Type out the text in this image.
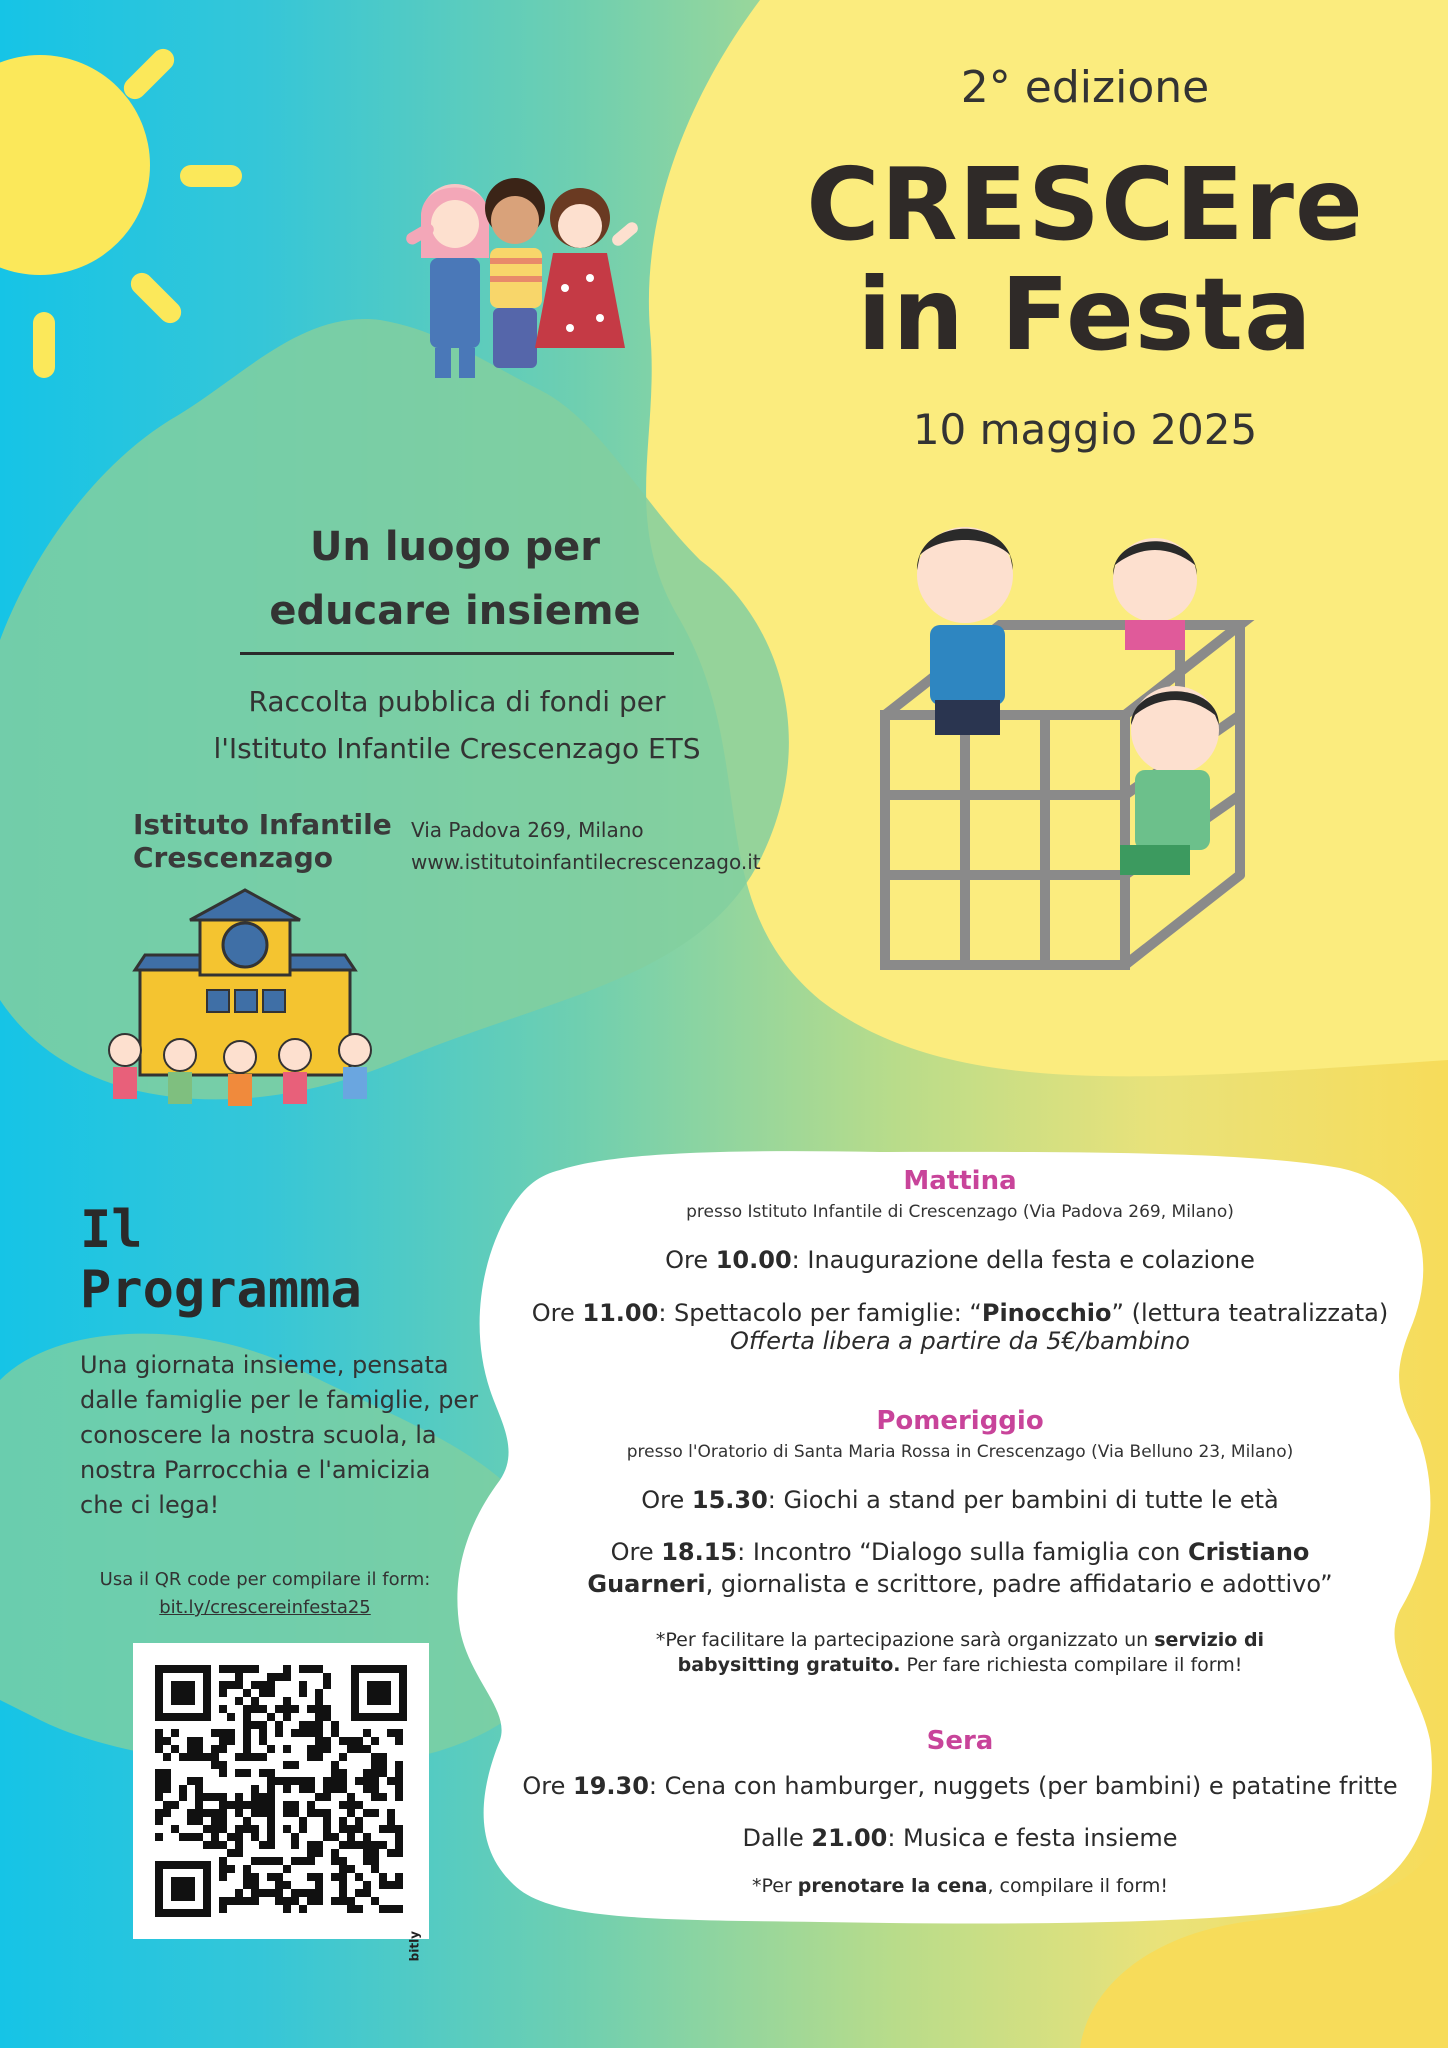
2° edizione
CRESCEre
in Festa
10 maggio 2025
Un luogo per
educare insieme
Raccolta pubblica di fondi per
l'Istituto Infantile Crescenzago ETS
Istituto Infantile
Crescenzago
Via Padova 269, Milano
www.istitutoinfantilecrescenzago.it
Il
Programma
Una giornata insieme, pensata dalle famiglie per le famiglie, per conoscere la nostra scuola, la nostra Parrocchia e l'amicizia che ci lega!
Usa il QR code per compilare il form:
bit.ly/crescereinfesta25
bitly
Mattina
presso Istituto Infantile di Crescenzago (Via Padova 269, Milano)
Ore 10.00: Inaugurazione della festa e colazione
Ore 11.00: Spettacolo per famiglie: “Pinocchio” (lettura teatralizzata)
Offerta libera a partire da 5€/bambino
Pomeriggio
presso l'Oratorio di Santa Maria Rossa in Crescenzago (Via Belluno 23, Milano)
Ore 15.30: Giochi a stand per bambini di tutte le età
Ore 18.15: Incontro “Dialogo sulla famiglia con Cristiano Guarneri, giornalista e scrittore, padre affidatario e adottivo”
*Per facilitare la partecipazione sarà organizzato un servizio di babysitting gratuito. Per fare richiesta compilare il form!
Sera
Ore 19.30: Cena con hamburger, nuggets (per bambini) e patatine fritte
Dalle 21.00: Musica e festa insieme
*Per prenotare la cena, compilare il form!
